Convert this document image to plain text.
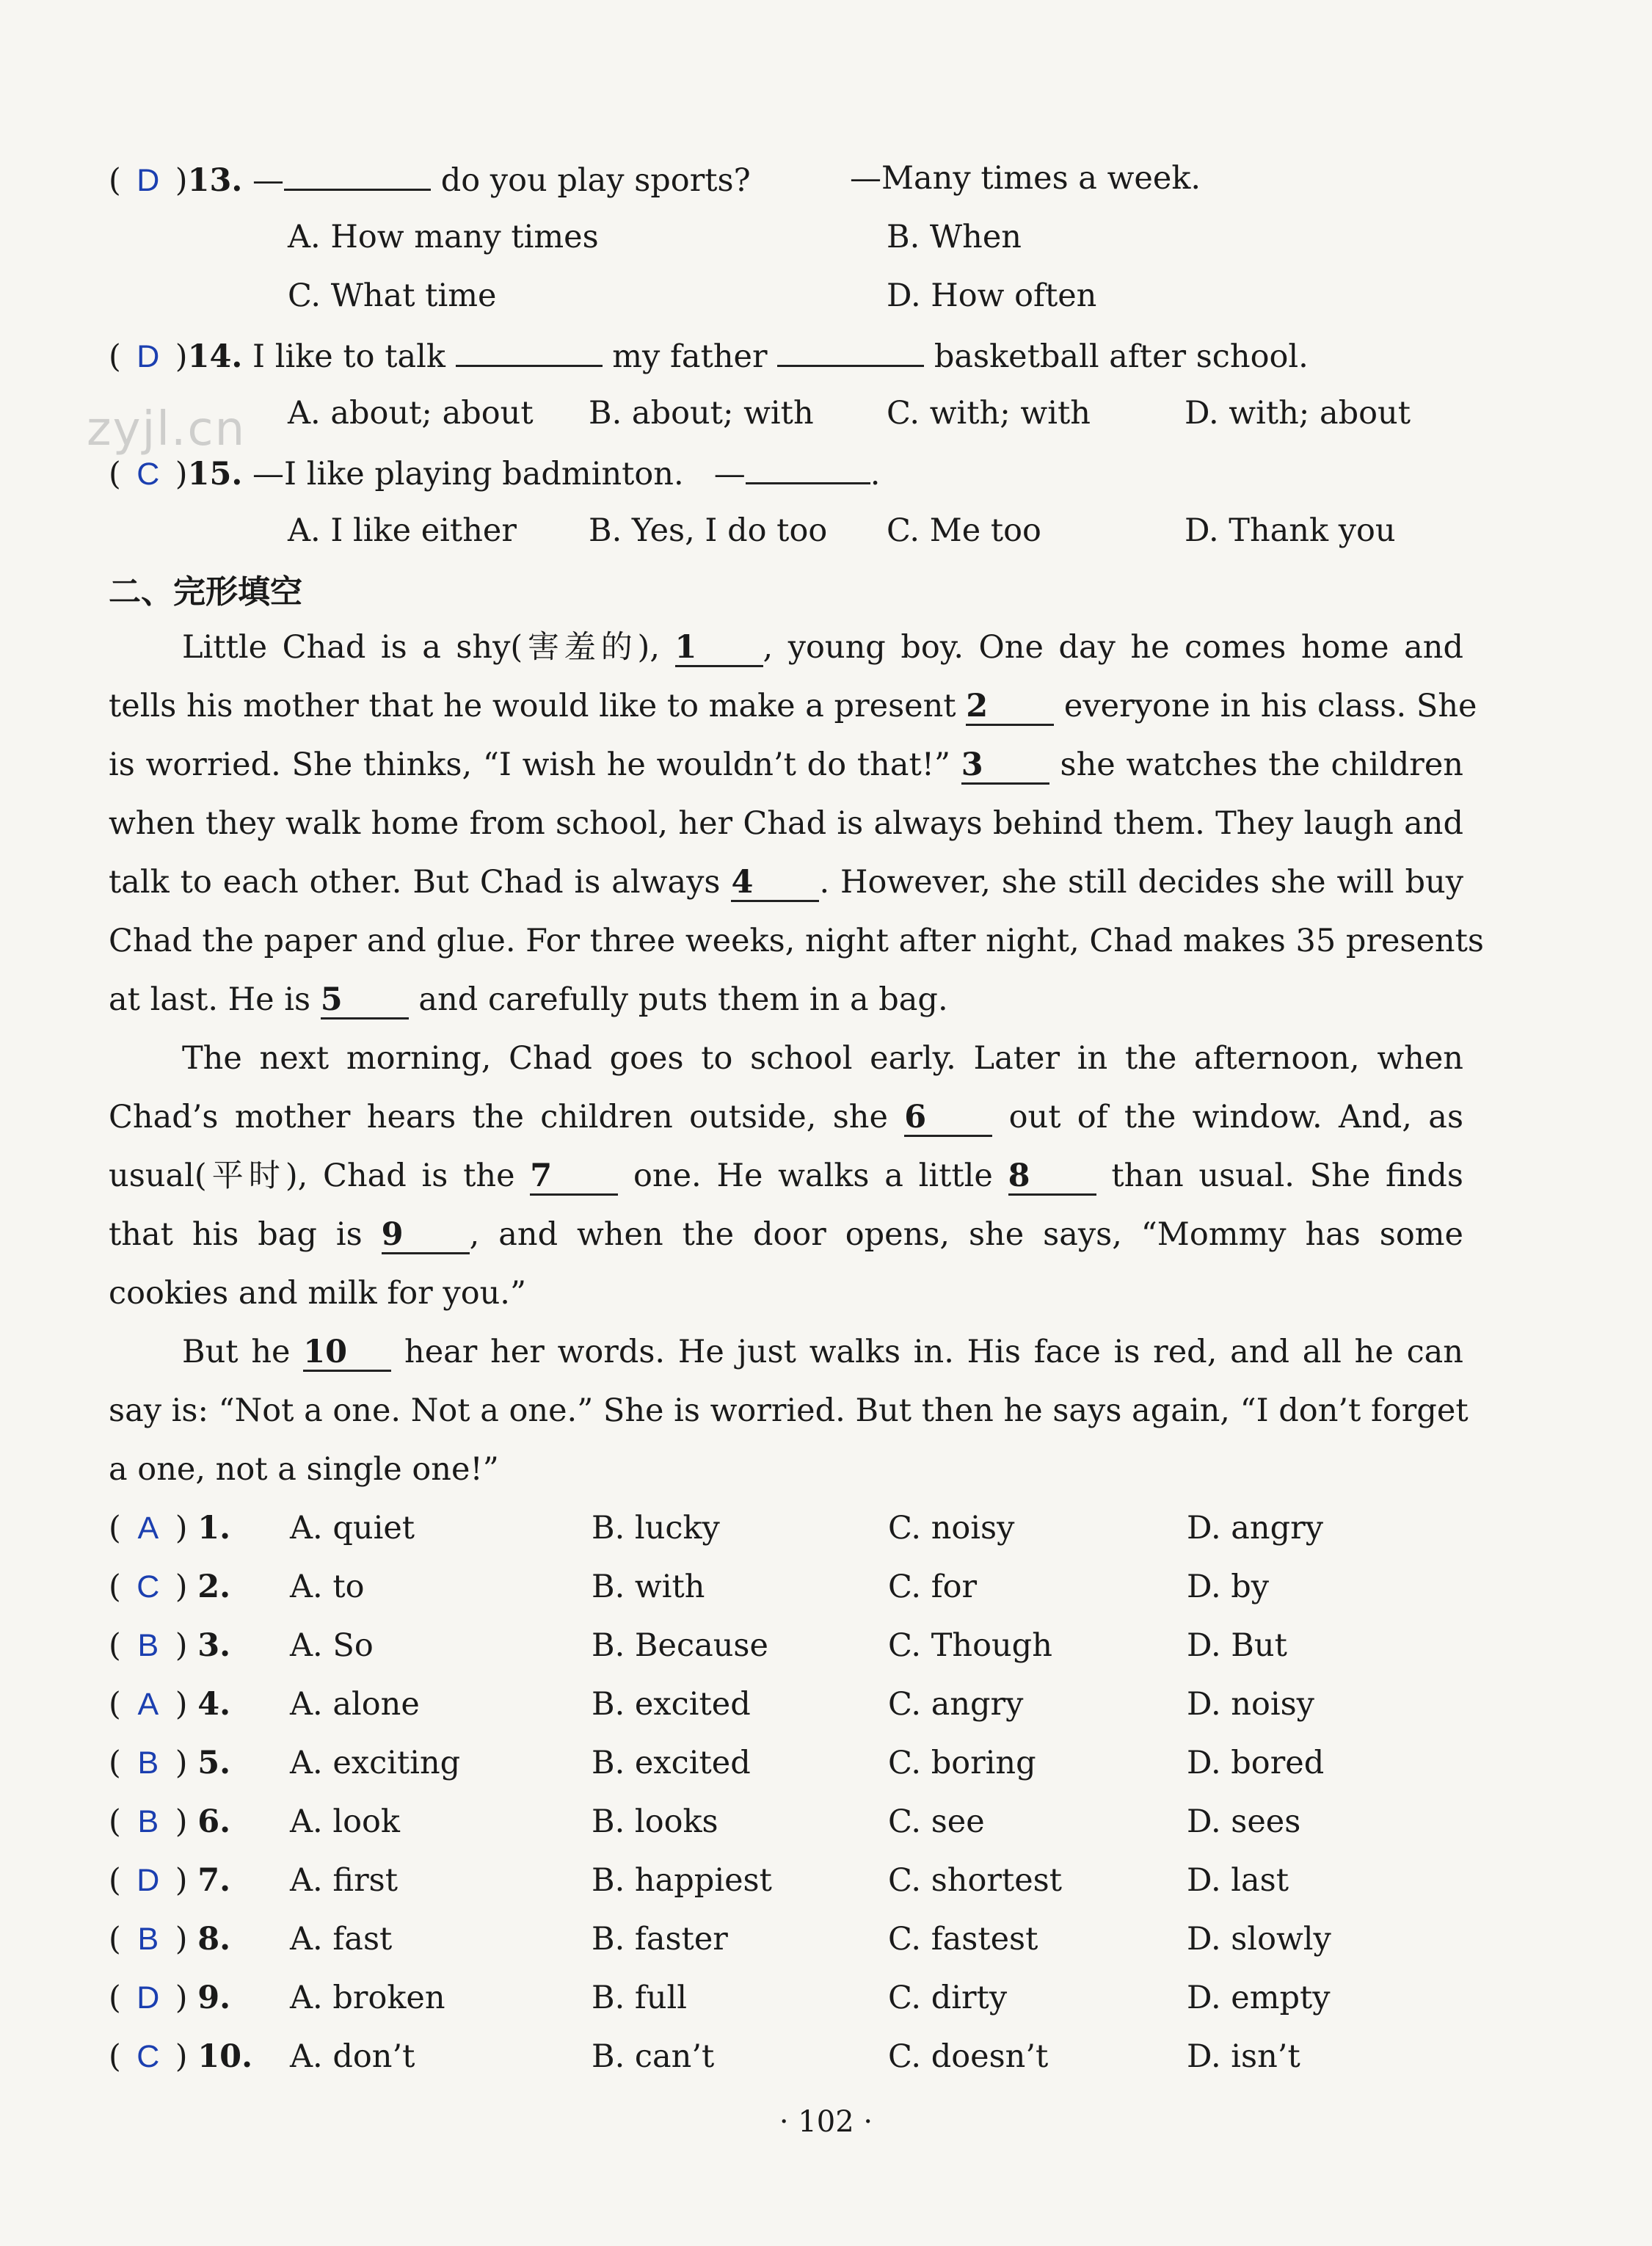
zyjl.cn
( D )13. —	do you play sports?	—Many times a week.
A. How many times	B. When
C. What time	D. How often
( D )14. I like to talk	my father	basketball after school.
A. about; about B. about; with C. with; with	D. with; about
( C )15. —I like playing badminton. —	.
A. I like either B. Yes, I do too C. Me too	D. Thank you
二、完形填空
Little Chad is a shy(害羞的), 1 , young boy. One day he comes home and
tells his mother that he would like to make a present 2 everyone in his class. She
is worried. She thinks, “I wish he wouldn’t do that!” 3 she watches the children
when they walk home from school, her Chad is always behind them. They laugh and
talk to each other. But Chad is always 4 . However, she still decides she will buy
Chad the paper and glue. For three weeks, night after night, Chad makes 35 presents
at last. He is 5 and carefully puts them in a bag.
The next morning, Chad goes to school early. Later in the afternoon, when
Chad’s mother hears the children outside, she 6 out of the window. And, as
usual(平时), Chad is the 7 one. He walks a little 8 than usual. She finds
that his bag is 9 , and when the door opens, she says, “Mommy has some
cookies and milk for you.”
But he 10 hear her words. He just walks in. His face is red, and all he can
say is: “Not a one. Not a one.” She is worried. But then he says again, “I don’t forget
a one, not a single one!”
( A ) 1. A. quiet	B. lucky	C. noisy	D. angry
( C ) 2. A. to	B. with	C. for	D. by
( B ) 3. A. So	B. Because	C. Though	D. But
( A ) 4. A. alone	B. excited	C. angry	D. noisy
( B ) 5. A. exciting	B. excited	C. boring	D. bored
( B ) 6. A. look	B. looks	C. see	D. sees
( D ) 7. A. first	B. happiest	C. shortest	D. last
( B ) 8. A. fast	B. faster	C. fastest	D. slowly
( D ) 9. A. broken	B. full	C. dirty	D. empty
( C ) 10. A. don’t	B. can’t	C. doesn’t	D. isn’t
· 102 ·
